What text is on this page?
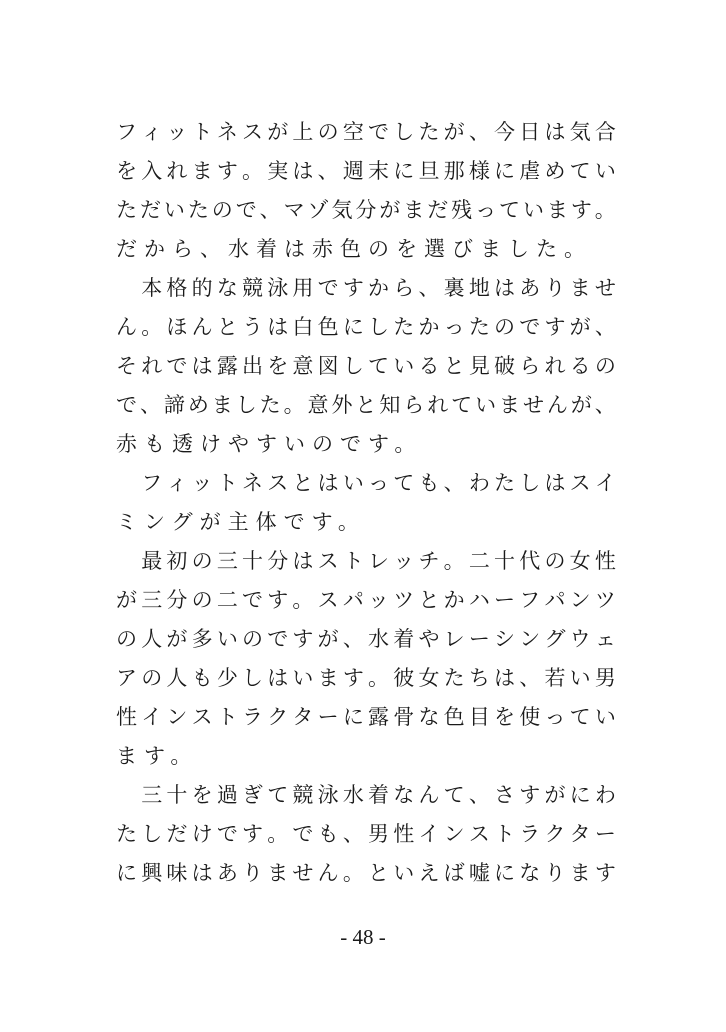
フ ィ ッ ト ネ ス が 上 の 空 で し た が 、 今 日 は 気 合
を 入 れ ま す 。 実 は 、 週 末 に 旦 那 様 に 虐 め て い
た だ い た の で 、 マ ゾ 気 分 が ま だ 残 っ て い ま す 。
だから、水着は赤色のを選びました。

本 格 的 な 競 泳 用 で す か ら 、 裏 地 は あ り ま せ
ん 。 ほ ん と う は 白 色 に し た か っ た の で す が 、
そ れ で は 露 出 を 意 図 し て い る と 見 破 ら れ る の
で 、 諦 め ま し た 。 意 外 と 知 ら れ て い ま せ ん が 、
赤も透けやすいのです。

フ ィ ッ ト ネ ス と は い っ て も 、 わ た し は ス イ
ミングが主体です。

最 初 の 三 十 分 は ス ト レ ッ チ 。 二 十 代 の 女 性
が 三 分 の 二 で す 。 ス パ ッ ツ と か ハ ー フ パ ン ツ
の 人 が 多 い の で す が 、 水 着 や レ ー シ ン グ ウ ェ
ア の 人 も 少 し は い ま す 。 彼 女 た ち は 、 若 い 男
性 イ ン ス ト ラ ク タ ー に 露 骨 な 色 目 を 使 っ て い
ます。

三 十 を 過 ぎ て 競 泳 水 着 な ん て 、 さ す が に わ
た し だ け で す 。 で も 、 男 性 イ ン ス ト ラ ク タ ー
に 興 味 は あ り ま せ ん 。 と い え ば 嘘 に な り ま す
- 48 -
